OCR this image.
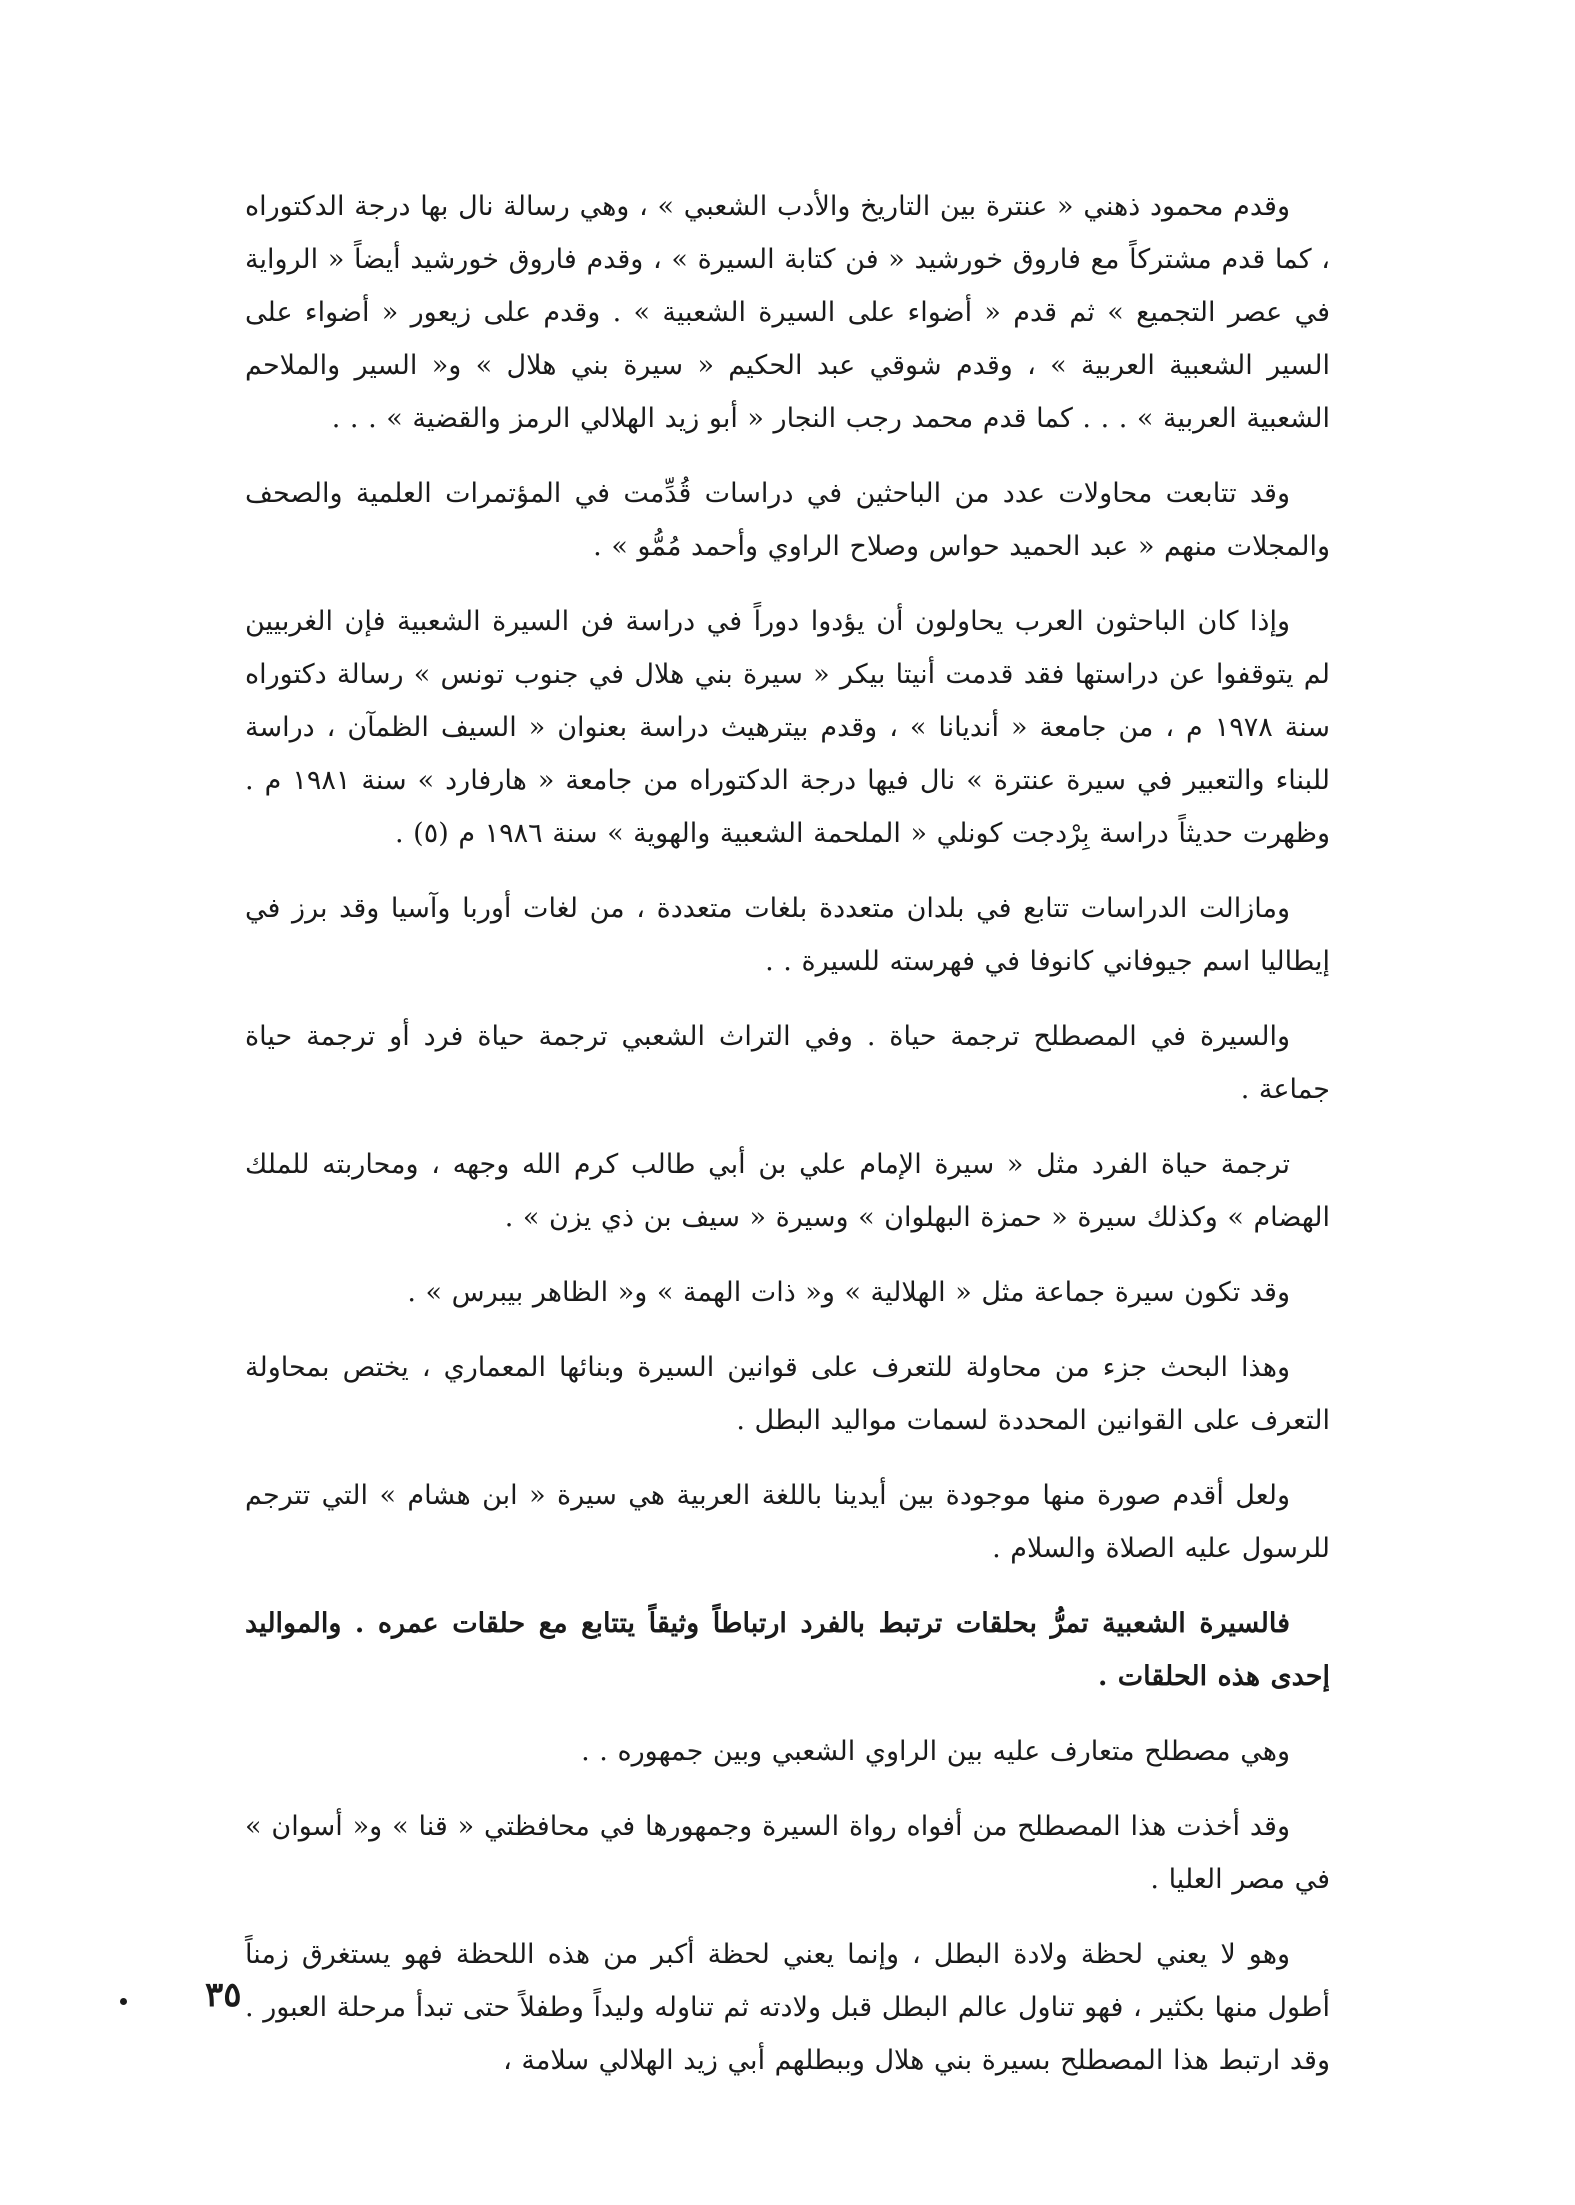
وقدم محمود ذهني « عنترة بين التاريخ والأدب الشعبي » ، وهي رسالة نال بها درجة الدكتوراه ، كما قدم مشتركاً مع فاروق خورشيد « فن كتابة السيرة » ، وقدم فاروق خورشيد أيضاً « الرواية في عصر التجميع » ثم قدم « أضواء على السيرة الشعبية » . وقدم على زيعور « أضواء على السير الشعبية العربية » ، وقدم شوقي عبد الحكيم « سيرة بني هلال » و« السير والملاحم الشعبية العربية » . . . كما قدم محمد رجب النجار « أبو زيد الهلالي الرمز والقضية » . . .

وقد تتابعت محاولات عدد من الباحثين في دراسات قُدِّمت في المؤتمرات العلمية والصحف والمجلات منهم « عبد الحميد حواس وصلاح الراوي وأحمد مُمُّو » .

وإذا كان الباحثون العرب يحاولون أن يؤدوا دوراً في دراسة فن السيرة الشعبية فإن الغربيين لم يتوقفوا عن دراستها فقد قدمت أنيتا بيكر « سيرة بني هلال في جنوب تونس » رسالة دكتوراه سنة ١٩٧٨ م ، من جامعة « أنديانا » ، وقدم بيترهيث دراسة بعنوان « السيف الظمآن ، دراسة للبناء والتعبير في سيرة عنترة » نال فيها درجة الدكتوراه من جامعة « هارفارد » سنة ١٩٨١ م . وظهرت حديثاً دراسة بِرْدجت كونلي « الملحمة الشعبية والهوية » سنة ١٩٨٦ م (٥) .

ومازالت الدراسات تتابع في بلدان متعددة بلغات متعددة ، من لغات أوربا وآسيا وقد برز في إيطاليا اسم جيوفاني كانوفا في فهرسته للسيرة . .

والسيرة في المصطلح ترجمة حياة . وفي التراث الشعبي ترجمة حياة فرد أو ترجمة حياة جماعة .

ترجمة حياة الفرد مثل « سيرة الإمام علي بن أبي طالب كرم الله وجهه ، ومحاربته للملك الهضام » وكذلك سيرة « حمزة البهلوان » وسيرة « سيف بن ذي يزن » .

وقد تكون سيرة جماعة مثل « الهلالية » و« ذات الهمة » و« الظاهر بيبرس » .

وهذا البحث جزء من محاولة للتعرف على قوانين السيرة وبنائها المعماري ، يختص بمحاولة التعرف على القوانين المحددة لسمات مواليد البطل .

ولعل أقدم صورة منها موجودة بين أيدينا باللغة العربية هي سيرة « ابن هشام » التي تترجم للرسول عليه الصلاة والسلام .

فالسيرة الشعبية تمرُّ بحلقات ترتبط بالفرد ارتباطاً وثيقاً يتتابع مع حلقات عمره . والمواليد إحدى هذه الحلقات .

وهي مصطلح متعارف عليه بين الراوي الشعبي وبين جمهوره . .

وقد أخذت هذا المصطلح من أفواه رواة السيرة وجمهورها في محافظتي « قنا » و« أسوان » في مصر العليا .

وهو لا يعني لحظة ولادة البطل ، وإنما يعني لحظة أكبر من هذه اللحظة فهو يستغرق زمناً أطول منها بكثير ، فهو تناول عالم البطل قبل ولادته ثم تناوله وليداً وطفلاً حتى تبدأ مرحلة العبور . وقد ارتبط هذا المصطلح بسيرة بني هلال وببطلهم أبي زيد الهلالي سلامة ،

٣٥
